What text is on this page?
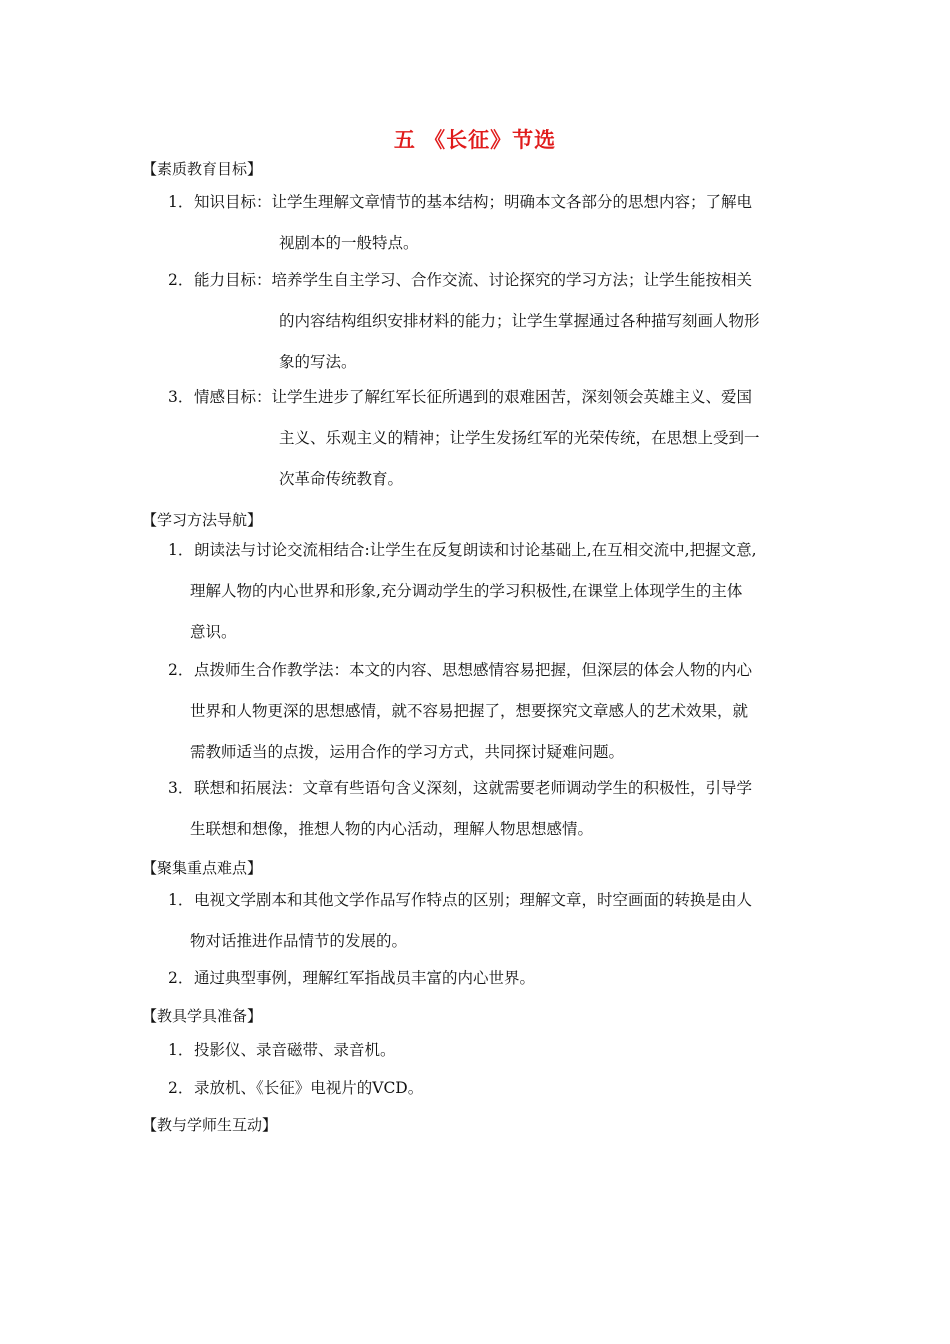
五 《长征》节选
【素质教育目标】
1．知识目标：让学生理解文章情节的基本结构；明确本文各部分的思想内容；了解电
视剧本的一般特点。
2．能力目标：培养学生自主学习、合作交流、讨论探究的学习方法；让学生能按相关
的内容结构组织安排材料的能力；让学生掌握通过各种描写刻画人物形
象的写法。
3．情感目标：让学生进步了解红军长征所遇到的艰难困苦，深刻领会英雄主义、爱国
主义、乐观主义的精神；让学生发扬红军的光荣传统，在思想上受到一
次革命传统教育。
【学习方法导航】
1．朗读法与讨论交流相结合:让学生在反复朗读和讨论基础上,在互相交流中,把握文意,
理解人物的内心世界和形象,充分调动学生的学习积极性,在课堂上体现学生的主体
意识。
2．点拨师生合作教学法：本文的内容、思想感情容易把握，但深层的体会人物的内心
世界和人物更深的思想感情，就不容易把握了，想要探究文章感人的艺术效果，就
需教师适当的点拨，运用合作的学习方式，共同探讨疑难问题。
3．联想和拓展法：文章有些语句含义深刻，这就需要老师调动学生的积极性，引导学
生联想和想像，推想人物的内心活动，理解人物思想感情。
【聚集重点难点】
1．电视文学剧本和其他文学作品写作特点的区别；理解文章，时空画面的转换是由人
物对话推进作品情节的发展的。
2．通过典型事例，理解红军指战员丰富的内心世界。
【教具学具准备】
1．投影仪、录音磁带、录音机。
2．录放机、《长征》电视片的VCD。
【教与学师生互动】
